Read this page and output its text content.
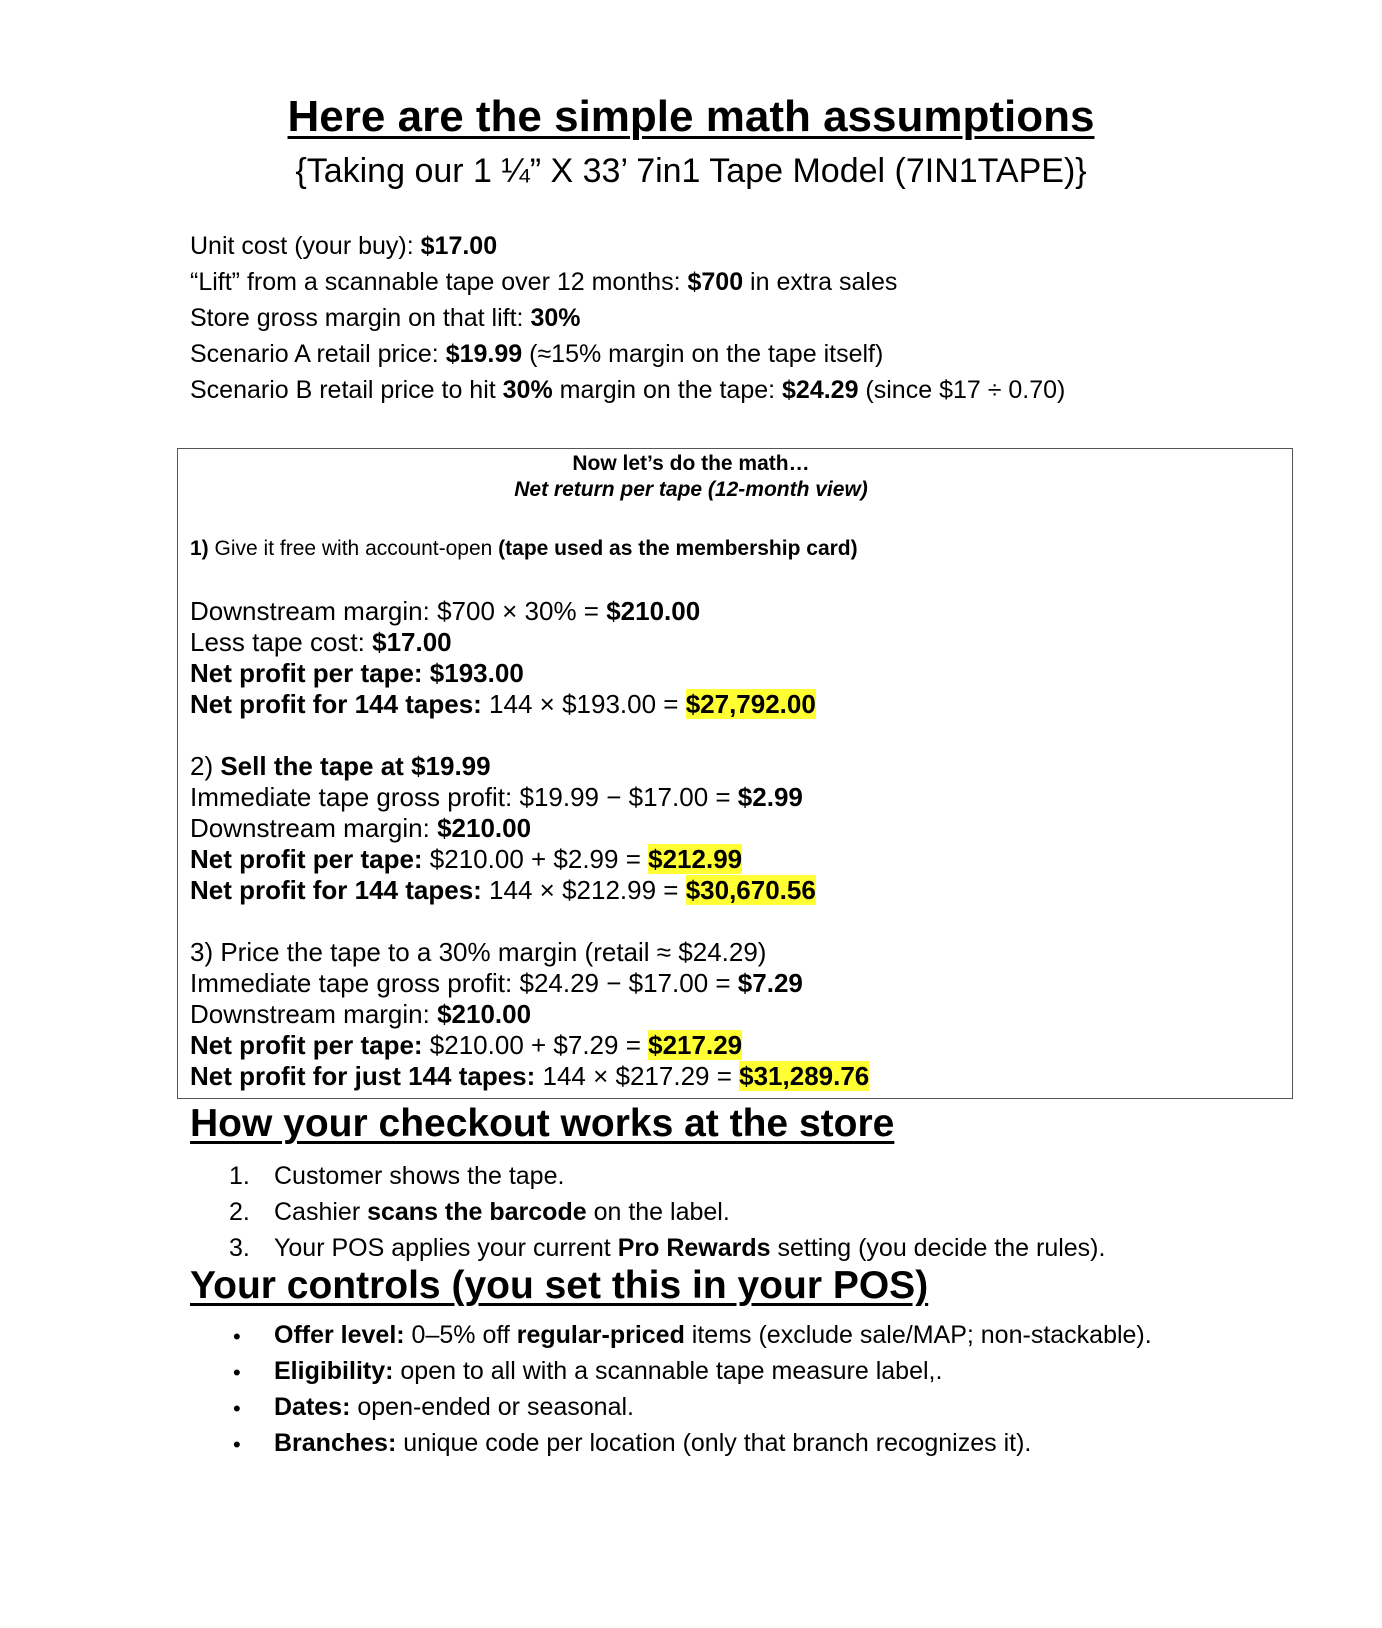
Here are the simple math assumptions
{Taking our 1 ¼” X 33’ 7in1 Tape Model (7IN1TAPE)}
Unit cost (your buy): $17.00
“Lift” from a scannable tape over 12 months: $700 in extra sales
Store gross margin on that lift: 30%
Scenario A retail price: $19.99 (≈15% margin on the tape itself)
Scenario B retail price to hit 30% margin on the tape: $24.29 (since $17 ÷ 0.70)
Now let’s do the math…
Net return per tape (12-month view)
1) Give it free with account-open (tape used as the membership card)
Downstream margin: $700 × 30% = $210.00
Less tape cost: $17.00
Net profit per tape: $193.00
Net profit for 144 tapes: 144 × $193.00 = $27,792.00
2) Sell the tape at $19.99
Immediate tape gross profit: $19.99 − $17.00 = $2.99
Downstream margin: $210.00
Net profit per tape: $210.00 + $2.99 = $212.99
Net profit for 144 tapes: 144 × $212.99 = $30,670.56
3) Price the tape to a 30% margin (retail ≈ $24.29)
Immediate tape gross profit: $24.29 − $17.00 = $7.29
Downstream margin: $210.00
Net profit per tape: $210.00 + $7.29 = $217.29
Net profit for just 144 tapes: 144 × $217.29 = $31,289.76
How your checkout works at the store
1. Customer shows the tape.
2. Cashier scans the barcode on the label.
3. Your POS applies your current Pro Rewards setting (you decide the rules).
Your controls (you set this in your POS)
• Offer level: 0–5% off regular-priced items (exclude sale/MAP; non-stackable).
• Eligibility: open to all with a scannable tape measure label,.
• Dates: open-ended or seasonal.
• Branches: unique code per location (only that branch recognizes it).
